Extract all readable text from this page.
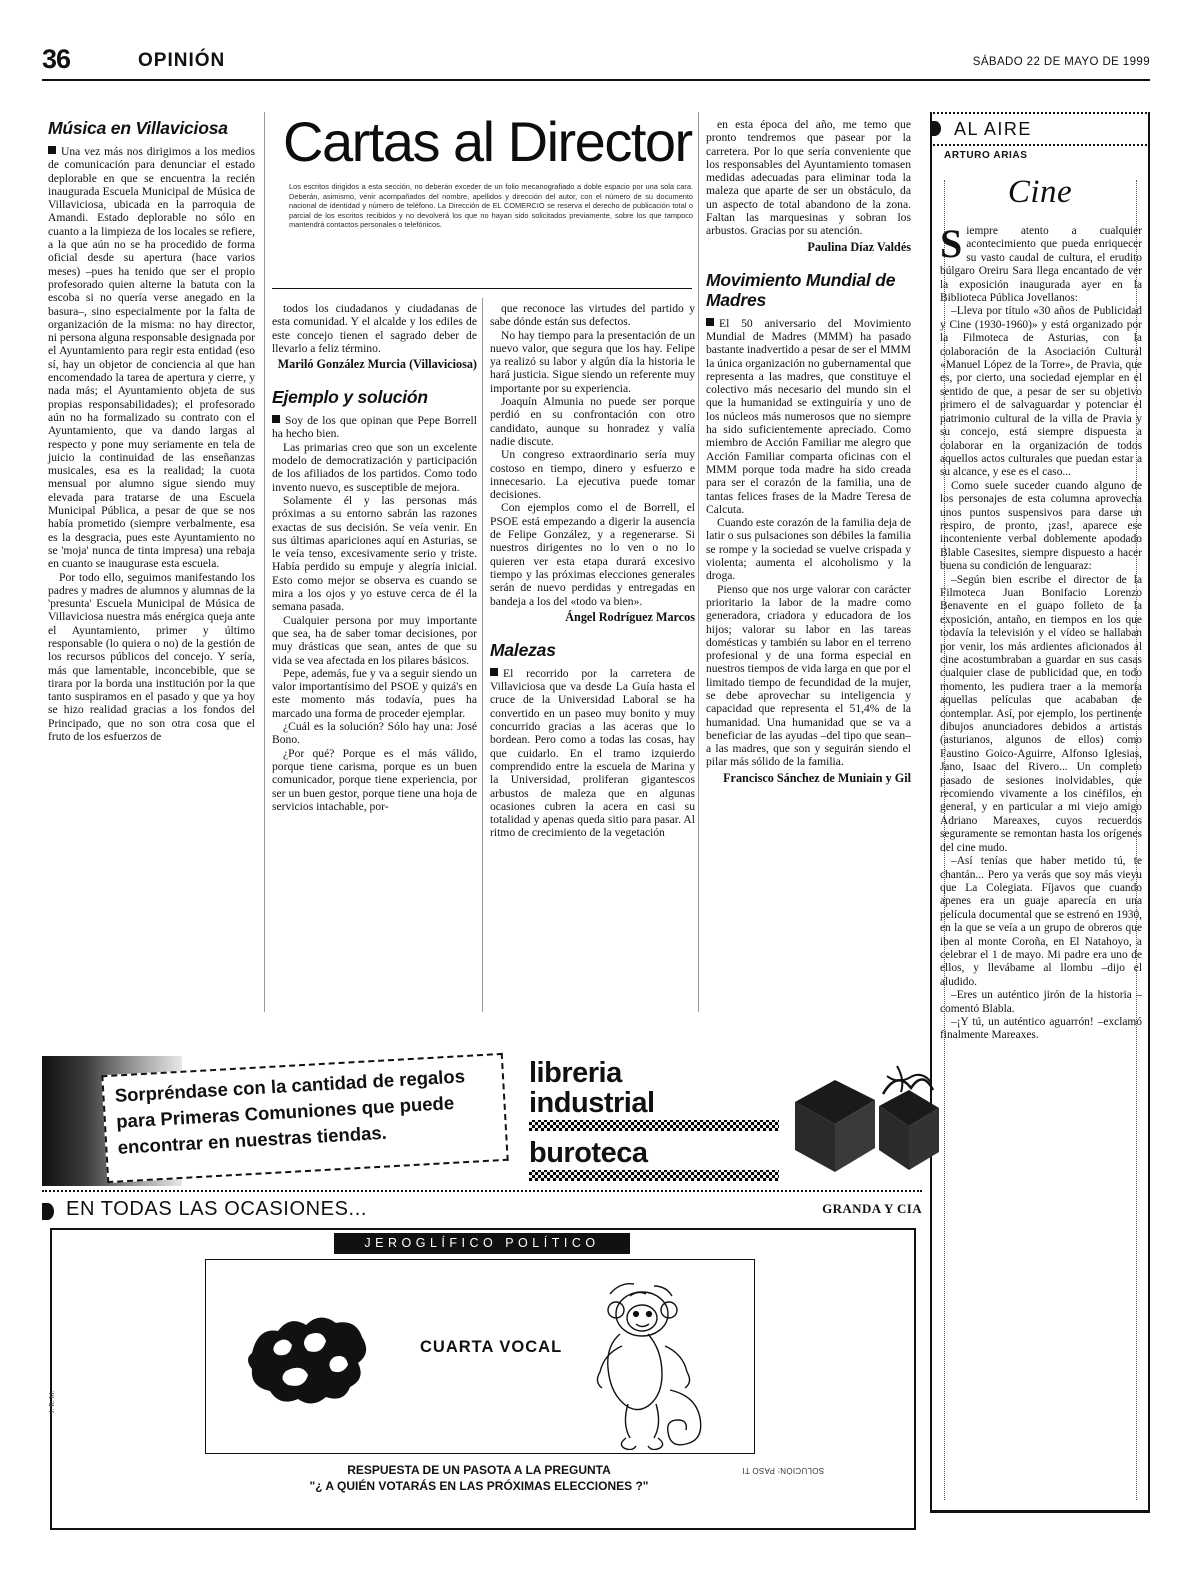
36	OPINIÓN	SÁBADO 22 DE MAYO DE 1999
Cartas al Director
Los escritos dirigidos a esta sección, no deberán exceder de un folio mecanografiado a doble espacio por una sola cara. Deberán, asimismo, venir acompañados del nombre, apellidos y dirección del autor, con el número de su documento nacional de identidad y número de teléfono. La Dirección de EL COMERCIO se reserva el derecho de publicación total o parcial de los escritos recibidos y no devolverá los que no hayan sido solicitados previamente, sobre los que tampoco mantendrá contactos personales o telefónicos.
Música en Villaviciosa

Una vez más nos dirigimos a los medios de comunicación para denunciar el estado deplorable en que se encuentra la recién inaugurada Escuela Municipal de Música de Villaviciosa, ubicada en la parroquia de Amandi. Estado deplorable no sólo en cuanto a la limpieza de los locales se refiere, a la que aún no se ha procedido de forma oficial desde su apertura (hace varios meses) –pues ha tenido que ser el propio profesorado quien alterne la batuta con la escoba si no quería verse anegado en la basura–, sino especialmente por la falta de organización de la misma: no hay director, ni persona alguna responsable designada por el Ayuntamiento para regir esta entidad (eso sí, hay un objetor de conciencia al que han encomendado la tarea de apertura y cierre, y nada más; el Ayuntamiento objeta de sus propias responsabilidades); el profesorado aún no ha formalizado su contrato con el Ayuntamiento, que va dando largas al respecto y pone muy seriamente en tela de juicio la continuidad de las enseñanzas musicales, esa es la realidad; la cuota mensual por alumno sigue siendo muy elevada para tratarse de una Escuela Municipal Pública, a pesar de que se nos había prometido (siempre verbalmente, esa es la desgracia, pues este Ayuntamiento no se 'moja' nunca de tinta impresa) una rebaja en cuanto se inaugurase esta escuela.

Por todo ello, seguimos manifestando los padres y madres de alumnos y alumnas de la 'presunta' Escuela Municipal de Música de Villaviciosa nuestra más enérgica queja ante el Ayuntamiento, primer y último responsable (lo quiera o no) de la gestión de los recursos públicos del concejo. Y sería, más que lamentable, inconcebible, que se tirara por la borda una institución por la que tanto suspiramos en el pasado y que ya hoy se hizo realidad gracias a los fondos del Principado, que no son otra cosa que el fruto de los esfuerzos de

todos los ciudadanos y ciudadanas de esta comunidad. Y el alcalde y los ediles de este concejo tienen el sagrado deber de llevarlo a feliz término.

Mariló González Murcia (Villaviciosa)
Ejemplo y solución

Soy de los que opinan que Pepe Borrell ha hecho bien.

Las primarias creo que son un excelente modelo de democratización y participación de los afiliados de los partidos. Como todo invento nuevo, es susceptible de mejora.

Solamente él y las personas más próximas a su entorno sabrán las razones exactas de sus decisión. Se veía venir. En sus últimas apariciones aquí en Asturias, se le veía tenso, excesivamente serio y triste. Había perdido su empuje y alegría inicial. Esto como mejor se observa es cuando se mira a los ojos y yo estuve cerca de él la semana pasada.

Cualquier persona por muy importante que sea, ha de saber tomar decisiones, por muy drásticas que sean, antes de que su vida se vea afectada en los pilares básicos.

Pepe, además, fue y va a seguir siendo un valor importantísimo del PSOE y quizá's en este momento más todavía, pues ha marcado una forma de proceder ejemplar.

¿Cuál es la solución? Sólo hay una: José Bono.

¿Por qué? Porque es el más válido, porque tiene carisma, porque es un buen comunicador, porque tiene experiencia, por ser un buen gestor, porque tiene una hoja de servicios intachable, por-

que reconoce las virtudes del partido y sabe dónde están sus defectos.

No hay tiempo para la presentación de un nuevo valor, que segura que los hay. Felipe ya realizó su labor y algún día la historia le hará justicia. Sigue siendo un referente muy importante por su experiencia.

Joaquín Almunia no puede ser porque perdió en su confrontación con otro candidato, aunque su honradez y valía nadie discute.

Un congreso extraordinario sería muy costoso en tiempo, dinero y esfuerzo e innecesario. La ejecutiva puede tomar decisiones.

Con ejemplos como el de Borrell, el PSOE está empezando a digerir la ausencia de Felipe González, y a regenerarse. Si nuestros dirigentes no lo ven o no lo quieren ver esta etapa durará excesivo tiempo y las próximas elecciones generales serán de nuevo perdidas y entregadas en bandeja a los del «todo va bien».

Ángel Rodríguez Marcos
Malezas

El recorrido por la carretera de Villaviciosa que va desde La Guía hasta el cruce de la Universidad Laboral se ha convertido en un paseo muy bonito y muy concurrido gracias a las aceras que lo bordean. Pero como a todas las cosas, hay que cuidarlo. En el tramo izquierdo comprendido entre la escuela de Marina y la Universidad, proliferan gigantescos arbustos de maleza que en algunas ocasiones cubren la acera en casi su totalidad y apenas queda sitio para pasar. Al ritmo de crecimiento de la vegetación

en esta época del año, me temo que pronto tendremos que pasear por la carretera. Por lo que sería conveniente que los responsables del Ayuntamiento tomasen medidas adecuadas para eliminar toda la maleza que aparte de ser un obstáculo, da un aspecto de total abandono de la zona. Faltan las marquesinas y sobran los arbustos. Gracias por su atención.

Paulina Díaz Valdés
Movimiento Mundial de Madres

El 50 aniversario del Movimiento Mundial de Madres (MMM) ha pasado bastante inadvertido a pesar de ser el MMM la única organización no gubernamental que representa a las madres, que constituye el colectivo más necesario del mundo sin el que la humanidad se extinguiría y uno de los núcleos más numerosos que no siempre ha sido suficientemente apreciado. Como miembro de Acción Familiar me alegro que Acción Familiar comparta oficinas con el MMM porque toda madre ha sido creada para ser el corazón de la familia, una de tantas felices frases de la Madre Teresa de Calcuta.

Cuando este corazón de la familia deja de latir o sus pulsaciones son débiles la familia se rompe y la sociedad se vuelve crispada y violenta; aumenta el alcoholismo y la droga.

Pienso que nos urge valorar con carácter prioritario la labor de la madre como generadora, criadora y educadora de los hijos; valorar su labor en las tareas domésticas y también su labor en el terreno profesional y de una forma especial en nuestros tiempos de vida larga en que por el limitado tiempo de fecundidad de la mujer, se debe aprovechar su inteligencia y capacidad que representa el 51,4% de la humanidad. Una humanidad que se va a beneficiar de las ayudas –del tipo que sean– a las madres, que son y seguirán siendo el pilar más sólido de la familia.

Francisco Sánchez de Muniain y Gil
AL AIRE
ARTURO ARIAS
Cine

Siempre atento a cualquier acontecimiento que pueda enriquecer su vasto caudal de cultura, el erudito búlgaro Oreiru Sara llega encantado de ver la exposición inaugurada ayer en la Biblioteca Pública Jovellanos:

–Lleva por título «30 años de Publicidad y Cine (1930-1960)» y está organizado por la Filmoteca de Asturias, con la colaboración de la Asociación Cultural «Manuel López de la Torre», de Pravia, que es, por cierto, una sociedad ejemplar en el sentido de que, a pesar de ser su objetivo primero el de salvaguardar y potenciar el patrimonio cultural de la villa de Pravia y su concejo, está siempre dispuesta a colaborar en la organización de todos aquellos actos culturales que puedan estar a su alcance, y ese es el caso...

Como suele suceder cuando alguno de los personajes de esta columna aprovecha unos puntos suspensivos para darse un respiro, de pronto, ¡zas!, aparece ese inconteniente verbal doblemente apodado Blable Casesites, siempre dispuesto a hacer buena su condición de lenguaraz:

–Según bien escribe el director de la Filmoteca Juan Bonifacio Lorenzo Benavente en el guapo folleto de la exposición, antaño, en tiempos en los que todavía la televisión y el vídeo se hallaban por venir, los más ardientes aficionados al cine acostumbraban a guardar en sus casas cualquier clase de publicidad que, en todo momento, les pudiera traer a la memoria aquellas películas que acababan de contemplar. Así, por ejemplo, los pertinente dibujos anunciadores debidos a artistas (asturianos, algunos de ellos) como Faustino Goico-Aguirre, Alfonso Iglesias, Jano, Isaac del Rivero... Un completo pasado de sesiones inolvidables, que recomiendo vivamente a los cinéfilos, en general, y en particular a mi viejo amigo Adriano Mareaxes, cuyos recuerdos seguramente se remontan hasta los orígenes del cine mudo.

–Así tenías que haber metido tú, te chantán... Pero ya verás que soy más vieyu que La Colegiata. Fíjavos que cuando apenes era un guaje aparecía en una película documental que se estrenó en 1930, en la que se veía a un grupo de obreros que iben al monte Coroña, en El Natahoyo, a celebrar el 1 de mayo. Mi padre era uno de ellos, y llevábame al llombu –dijo el aludido.

–Eres un auténtico jirón de la historia –comentó Blabla.

–¡Y tú, un auténtico aguarrón! –exclamó finalmente Mareaxes.

Sorpréndase con la cantidad de regalos para Primeras Comuniones que puede encontrar en nuestras tiendas.
libreria
industrial
buroteca
EN TODAS LAS OCASIONES...	GRANDA Y CIA
JEROGLÍFICO POLÍTICO
CUARTA VOCAL
RESPUESTA DE UN PASOTA A LA PREGUNTA
"¿ A QUIÉN VOTARÁS EN LAS PRÓXIMAS ELECCIONES ?"
SOLUCIÓN: PASO TI
J. R. M.
